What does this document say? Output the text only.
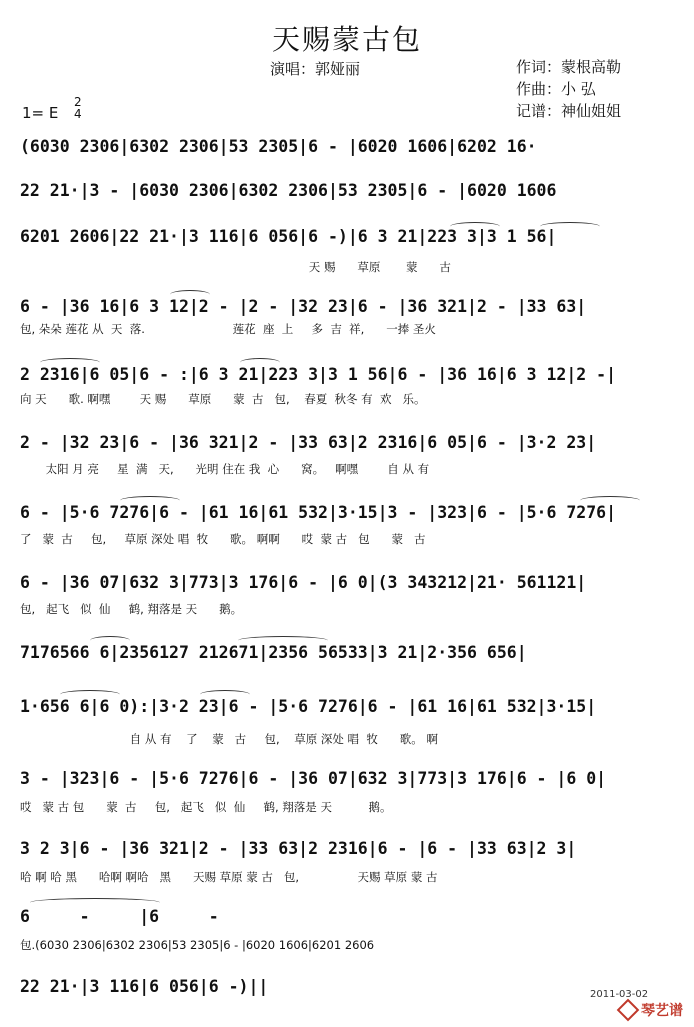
天赐蒙古包
演唱：郭娅丽	作词：蒙根高勒
作曲：小 弘
记谱：神仙姐姐
1= E
2
4
(6030 2306|6302 2306|53 2305|6 - |6020 1606|6202 16·
22 21·|3 - |6030 2306|6302 2306|53 2305|6 - |6020 1606
6201 2606|22 21·|3 116|6 056|6 -)|6 3 21|223 3|3 1 56|
天 赐      草原       蒙      古
6 - |36 16|6 3 12|2 - |2 - |32 23|6 - |36 321|2 - |33 63|
包, 朵朵 莲花 从  天  落.                        莲花  座  上     多  吉  祥,      一捧 圣火
2 2316|6 05|6 - :|6 3 21|223 3|3 1 56|6 - |36 16|6 3 12|2 -|
向 天      歌. 啊嘿        天 赐      草原      蒙  古   包,    春夏  秋冬 有  欢   乐。
2 - |32 23|6 - |36 321|2 - |33 63|2 2316|6 05|6 - |3·2 23|
太阳 月 亮     星  满   天,      光明 住在 我  心      窝。   啊嘿        自 从 有
6 - |5·6 7276|6 - |61 16|61 532|3·15|3 - |323|6 - |5·6 7276|
了   蒙  古     包,     草原 深处 唱  牧      歌。 啊啊      哎  蒙 古   包      蒙   古
6 - |36 07|632 3|773|3 176|6 - |6 0|(3 343212|21· 561121|
包,   起飞   似  仙     鹤, 翔落是 天      鹅。
7176566 6|2356127 212671|2356 56533|3 21|2·356 656|
1·656 6|6 0):|3·2 23|6 - |5·6 7276|6 - |61 16|61 532|3·15|
自 从 有    了    蒙   古     包,    草原 深处 唱  牧      歌。 啊
3 - |323|6 - |5·6 7276|6 - |36 07|632 3|773|3 176|6 - |6 0|
哎   蒙 古 包      蒙  古     包,   起飞   似  仙     鹤, 翔落是 天          鹅。
3 2 3|6 - |36 321|2 - |33 63|2 2316|6 - |6 - |33 63|2 3|
哈 啊 哈 黑      哈啊 啊哈   黑      天赐 草原 蒙 古   包,                天赐 草原 蒙 古
6     -     |6     -
包.(6030 2306|6302 2306|53 2305|6 - |6020 1606|6201 2606
22 21·|3 116|6 056|6 -)||	2011-03-02
琴艺谱
